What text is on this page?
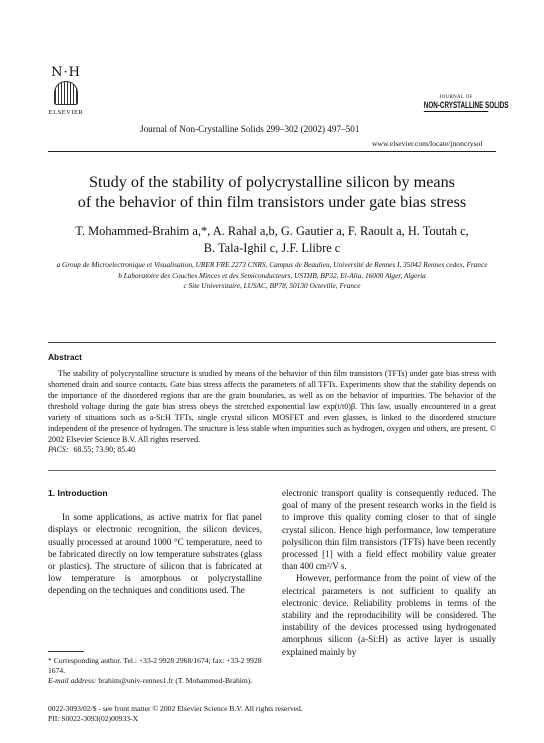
N·H
ELSEVIER
Journal of Non-Crystalline Solids 299–302 (2002) 497–501
JOURNAL OF
NON-CRYSTALLINE SOLIDS
www.elsevier.com/locate/jnoncrysol
Study of the stability of polycrystalline silicon by means
of the behavior of thin film transistors under gate bias stress
T. Mohammed-Brahim a,*, A. Rahal a,b, G. Gautier a, F. Raoult a, H. Toutah c,
B. Tala-Ighil c, J.F. Llibre c
a Group de Microelectronique et Visualisation, URER FRE 2273 CNRS, Campus de Beaulieu, Université de Rennes I, 35042 Rennes cedex, France
b Laboratoire des Couches Minces et des Semiconducteurs, USTHB, BP32, El-Alia, 16000 Alger, Algeria
c Site Universitaire, LUSAC, BP78, 50130 Octeville, France
Abstract
The stability of polycrystalline structure is studied by means of the behavior of thin film transistors (TFTs) under gate bias stress with shortened drain and source contacts. Gate bias stress affects the parameters of all TFTs. Experiments show that the stability depends on the importance of the disordered regions that are the grain boundaries, as well as on the behavior of impurities. The behavior of the threshold voltage during the gate bias stress obeys the stretched exponential law exp(t/t0)β. This law, usually encountered in a great variety of situations such as a-Si:H TFTs, single crystal silicon MOSFET and even glasses, is linked to the disordered structure independent of the presence of hydrogen. The structure is less stable when impurities such as hydrogen, oxygen and others, are present. © 2002 Elsevier Science B.V. All rights reserved.
PACS: 68.55; 73.90; 85.40
1. Introduction

In some applications, as active matrix for flat panel displays or electronic recognition, the silicon devices, usually processed at around 1000 °C temperature, need to be fabricated directly on low temperature substrates (glass or plastics). The structure of silicon that is fabricated at low temperature is amorphous or polycrystalline depending on the techniques and conditions used. The

electronic transport quality is consequently reduced. The goal of many of the present research works in the field is to improve this quality coming closer to that of single crystal silicon. Hence high performance, low temperature polysilicon thin film transistors (TFTs) have been recently processed [1] with a field effect mobility value greater than 400 cm²/V s.

However, performance from the point of view of the electrical parameters is not sufficient to qualify an electronic device. Reliability problems in terms of the stability and the reproducibility will be considered. The instability of the devices processed using hydrogenated amorphous silicon (a-Si:H) as active layer is usually explained mainly by

* Corresponding author. Tel.: +33-2 9928 2968/1674; fax: +33-2 9928 1674.

E-mail address: brahim@univ-rennes1.fr (T. Mohammed-Brahim).

0022-3093/02/$ - see front matter © 2002 Elsevier Science B.V. All rights reserved.
PII: S0022-3093(02)00933-X
